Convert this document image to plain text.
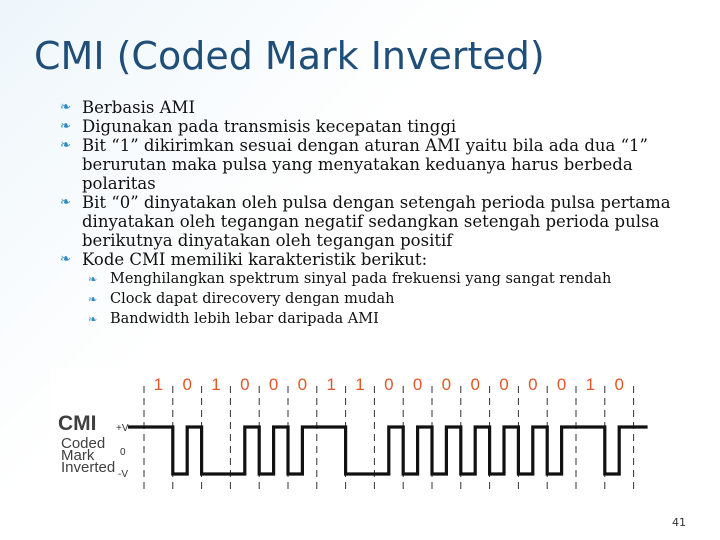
CMI (Coded Mark Inverted)
❧ Berbasis AMI
❧ Digunakan pada transmisis kecepatan tinggi
❧ Bit “1” dikirimkan sesuai dengan aturan AMI yaitu bila ada dua “1” berurutan maka pulsa yang menyatakan keduanya harus berbeda polaritas
❧ Bit “0” dinyatakan oleh pulsa dengan setengah perioda pulsa pertama dinyatakan oleh tegangan negatif sedangkan setengah perioda pulsa berikutnya dinyatakan oleh tegangan positif
❧ Kode CMI memiliki karakteristik berikut:
❧ Menghilangkan spektrum sinyal pada frekuensi yang sangat rendah
❧ Clock dapat direcovery dengan mudah
❧ Bandwidth lebih lebar daripada AMI
CMI
Coded
Mark
Inverted
+V
0
-V
1 0 1 0 0 0 1 1 0 0 0 0 0 0 0 1 0
41
